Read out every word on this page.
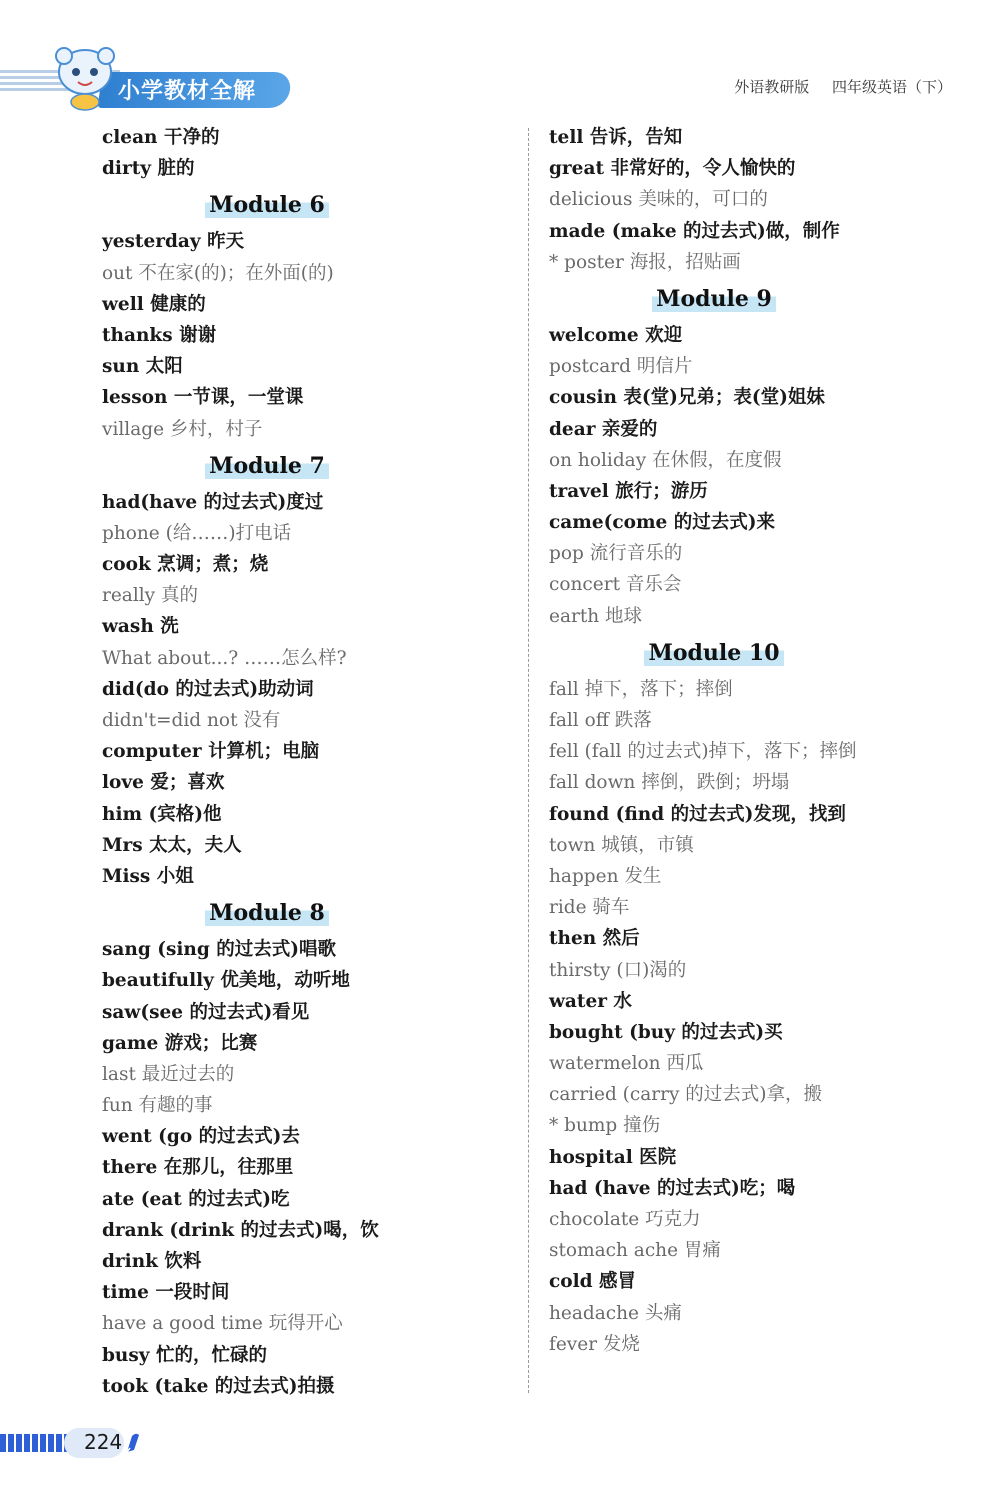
小学教材全解	外语教研版 四年级英语（下）
clean 干净的
dirty 脏的
Module 6
yesterday 昨天
out 不在家(的)；在外面(的)
well 健康的
thanks 谢谢
sun 太阳
lesson 一节课，一堂课
village 乡村，村子
Module 7
had(have 的过去式)度过
phone (给……)打电话
cook 烹调；煮；烧
really 真的
wash 洗
What about...? ……怎么样?
did(do 的过去式)助动词
didn't=did not 没有
computer 计算机；电脑
love 爱；喜欢
him (宾格)他
Mrs 太太，夫人
Miss 小姐
Module 8
sang (sing 的过去式)唱歌
beautifully 优美地，动听地
saw(see 的过去式)看见
game 游戏；比赛
last 最近过去的
fun 有趣的事
went (go 的过去式)去
there 在那儿，往那里
ate (eat 的过去式)吃
drank (drink 的过去式)喝，饮
drink 饮料
time 一段时间
have a good time 玩得开心
busy 忙的，忙碌的
took (take 的过去式)拍摄
tell 告诉，告知
great 非常好的，令人愉快的
delicious 美味的，可口的
made (make 的过去式)做，制作
* poster 海报，招贴画
Module 9
welcome 欢迎
postcard 明信片
cousin 表(堂)兄弟；表(堂)姐妹
dear 亲爱的
on holiday 在休假，在度假
travel 旅行；游历
came(come 的过去式)来
pop 流行音乐的
concert 音乐会
earth 地球
Module 10
fall 掉下，落下；摔倒
fall off 跌落
fell (fall 的过去式)掉下，落下；摔倒
fall down 摔倒，跌倒；坍塌
found (find 的过去式)发现，找到
town 城镇，市镇
happen 发生
ride 骑车
then 然后
thirsty (口)渴的
water 水
bought (buy 的过去式)买
watermelon 西瓜
carried (carry 的过去式)拿，搬
* bump 撞伤
hospital 医院
had (have 的过去式)吃；喝
chocolate 巧克力
stomach ache 胃痛
cold 感冒
headache 头痛
fever 发烧
224
